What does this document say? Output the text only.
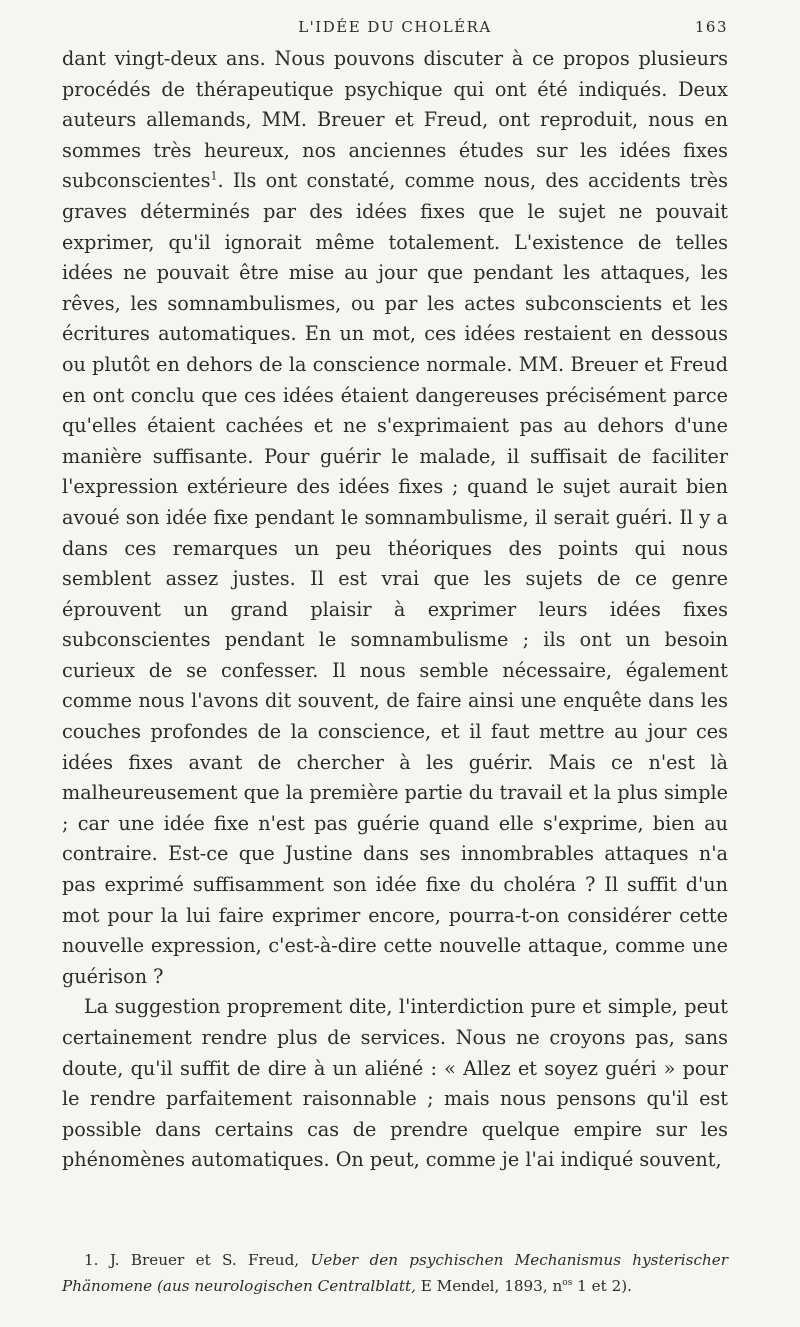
L'IDÉE DU CHOLÉRA	163

dant vingt-deux ans. Nous pouvons discuter à ce propos plusieurs procédés de thérapeutique psychique qui ont été indiqués. Deux auteurs allemands, MM. Breuer et Freud, ont reproduit, nous en sommes très heureux, nos anciennes études sur les idées fixes subconscientes$^1$. Ils ont constaté, comme nous, des accidents très graves déterminés par des idées fixes que le sujet ne pouvait exprimer, qu'il ignorait même totalement. L'existence de telles idées ne pouvait être mise au jour que pendant les attaques, les rêves, les somnambulismes, ou par les actes subconscients et les écritures automatiques. En un mot, ces idées restaient en dessous ou plutôt en dehors de la conscience normale. MM. Breuer et Freud en ont conclu que ces idées étaient dangereuses précisément parce qu'elles étaient cachées et ne s'exprimaient pas au dehors d'une manière suffisante. Pour guérir le malade, il suffisait de faciliter l'expression extérieure des idées fixes ; quand le sujet aurait bien avoué son idée fixe pendant le somnambulisme, il serait guéri. Il y a dans ces remarques un peu théoriques des points qui nous semblent assez justes. Il est vrai que les sujets de ce genre éprouvent un grand plaisir à exprimer leurs idées fixes subconscientes pendant le somnambulisme ; ils ont un besoin curieux de se confesser. Il nous semble nécessaire, également comme nous l'avons dit souvent, de faire ainsi une enquête dans les couches profondes de la conscience, et il faut mettre au jour ces idées fixes avant de chercher à les guérir. Mais ce n'est là malheureusement que la première partie du travail et la plus simple ; car une idée fixe n'est pas guérie quand elle s'exprime, bien au contraire. Est-ce que Justine dans ses innombrables attaques n'a pas exprimé suffisamment son idée fixe du choléra ? Il suffit d'un mot pour la lui faire exprimer encore, pourra-t-on considérer cette nouvelle expression, c'est-à-dire cette nouvelle attaque, comme une guérison ?

La suggestion proprement dite, l'interdiction pure et simple, peut certainement rendre plus de services. Nous ne croyons pas, sans doute, qu'il suffit de dire à un aliéné : « Allez et soyez guéri » pour le rendre parfaitement raisonnable ; mais nous pensons qu'il est possible dans certains cas de prendre quelque empire sur les phénomènes automatiques. On peut, comme je l'ai indiqué souvent,

1. J. Breuer et S. Freud, Ueber den psychischen Mechanismus hysterischer Phänomene (aus neurologischen Centralblatt, E Mendel, 1893, $n^{os}$ 1 et 2).
